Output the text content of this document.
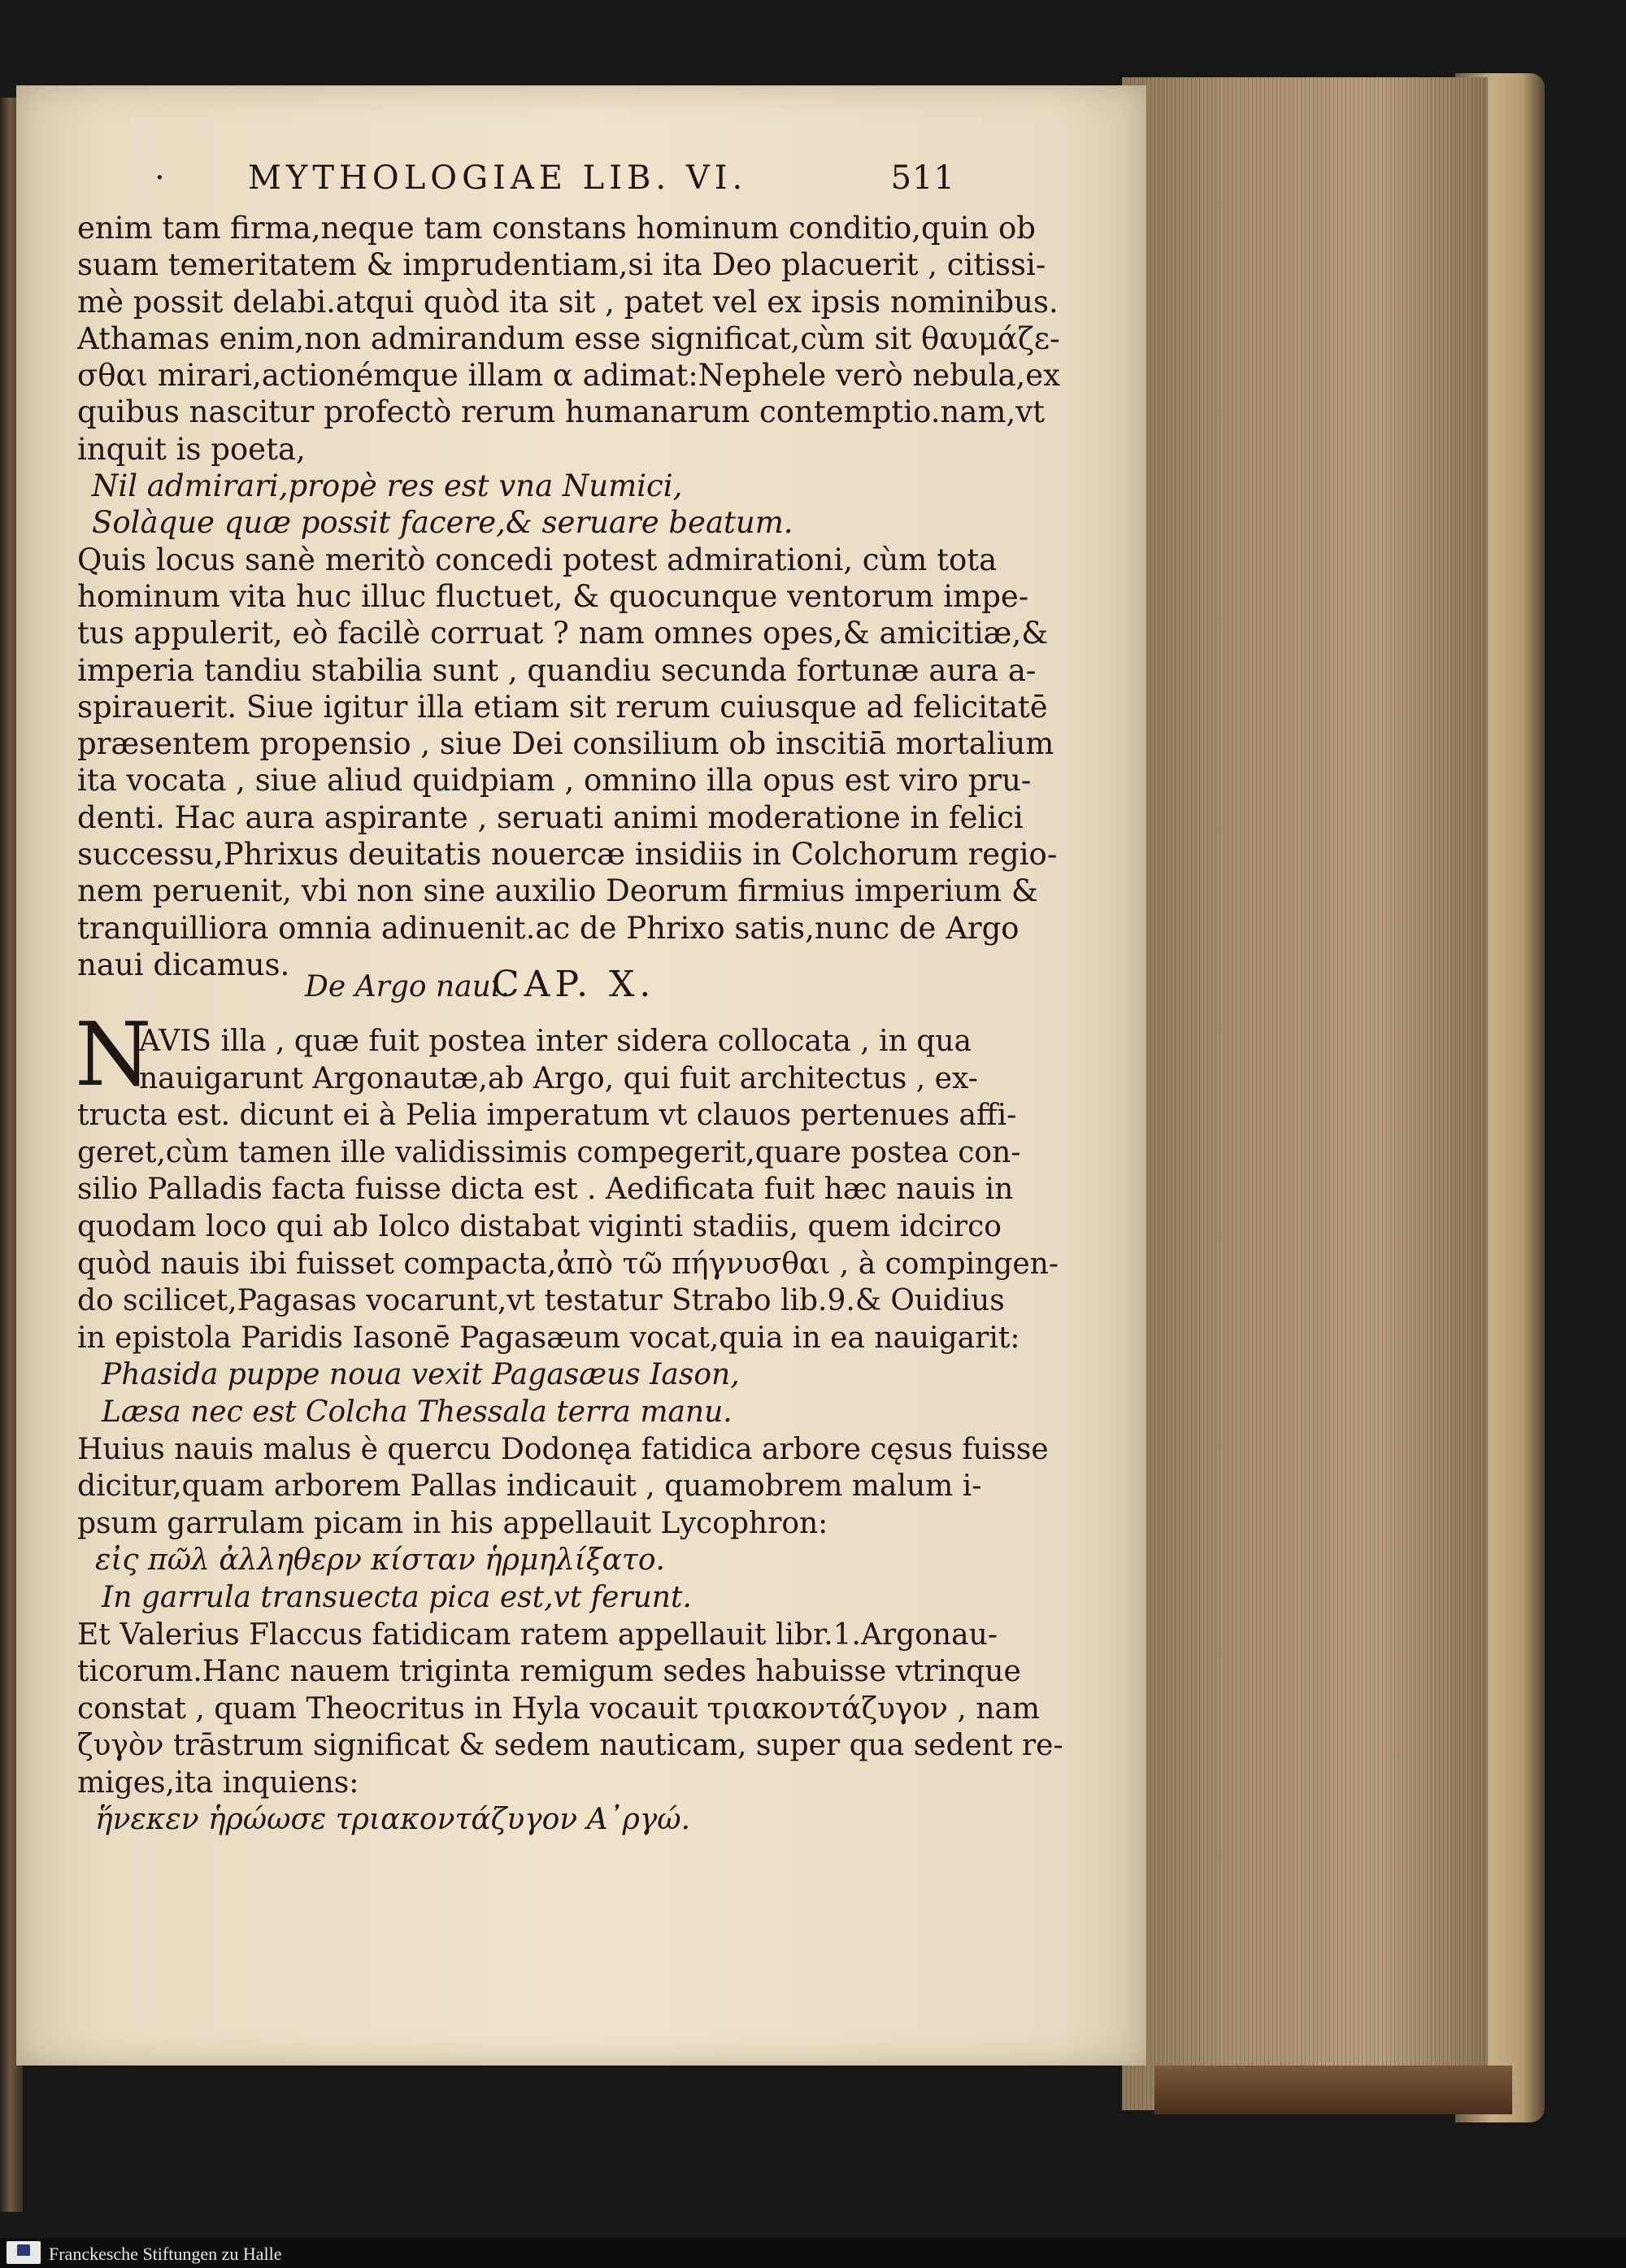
· MYTHOLOGIAE LIB. VI.	511
enim tam firma,neque tam constans hominum conditio,quin ob
suam temeritatem & imprudentiam,si ita Deo placuerit , citissi-
mè possit delabi.atqui quòd ita sit , patet vel ex ipsis nominibus.
Athamas enim,non admirandum esse significat,cùm sit θαυμάζε-
σθαι mirari,actionémque illam α adimat:Nephele verò nebula,ex
quibus nascitur profectò rerum humanarum contemptio.nam,vt
inquit is poeta,
Nil admirari,propè res est vna Numici,
Solàque quæ possit facere,& seruare beatum.
Quis locus sanè meritò concedi potest admirationi, cùm tota
hominum vita huc illuc fluctuet, & quocunque ventorum impe-
tus appulerit, eò facilè corruat ? nam omnes opes,& amicitiæ,&
imperia tandiu stabilia sunt , quandiu secunda fortunæ aura a-
spirauerit. Siue igitur illa etiam sit rerum cuiusque ad felicitatē
præsentem propensio , siue Dei consilium ob inscitiā mortalium
ita vocata , siue aliud quidpiam , omnino illa opus est viro pru-
denti. Hac aura aspirante , seruati animi moderatione in felici
successu,Phrixus deuitatis nouercæ insidiis in Colchorum regio-
nem peruenit, vbi non sine auxilio Deorum firmius imperium &
tranquilliora omnia adinuenit.ac de Phrixo satis,nunc de Argo
naui dicamus.
De Argo naui.
CAP. X.
N
AVIS illa , quæ fuit postea inter sidera collocata , in qua
nauigarunt Argonautæ,ab Argo, qui fuit architectus , ex-
tructa est. dicunt ei à Pelia imperatum vt clauos pertenues affi-
geret,cùm tamen ille validissimis compegerit,quare postea con-
silio Palladis facta fuisse dicta est . Aedificata fuit hæc nauis in
quodam loco qui ab Iolco distabat viginti stadiis, quem idcirco
quòd nauis ibi fuisset compacta,ἀπὸ τῶ πήγνυσθαι , à compingen-
do scilicet,Pagasas vocarunt,vt testatur Strabo lib.9.& Ouidius
in epistola Paridis Iasonē Pagasæum vocat,quia in ea nauigarit:
Phasida puppe noua vexit Pagasæus Iason,
Læsa nec est Colcha Thessala terra manu.
Huius nauis malus è quercu Dodonęa fatidica arbore cęsus fuisse
dicitur,quam arborem Pallas indicauit , quamobrem malum i-
psum garrulam picam in his appellauit Lycophron:
εἰς πῶλ ἀλληθερν κίσταν ἡρμηλίξατο.
In garrula transuecta pica est,vt ferunt.
Et Valerius Flaccus fatidicam ratem appellauit libr.1.Argonau-
ticorum.Hanc nauem triginta remigum sedes habuisse vtrinque
constat , quam Theocritus in Hyla vocauit τριακοντάζυγον , nam
ζυγὸν trāstrum significat & sedem nauticam, super qua sedent re-
miges,ita inquiens:
ἥνεκεν ἡρώωσε τριακοντάζυγον Α᾽ργώ.
Franckesche Stiftungen zu Halle
